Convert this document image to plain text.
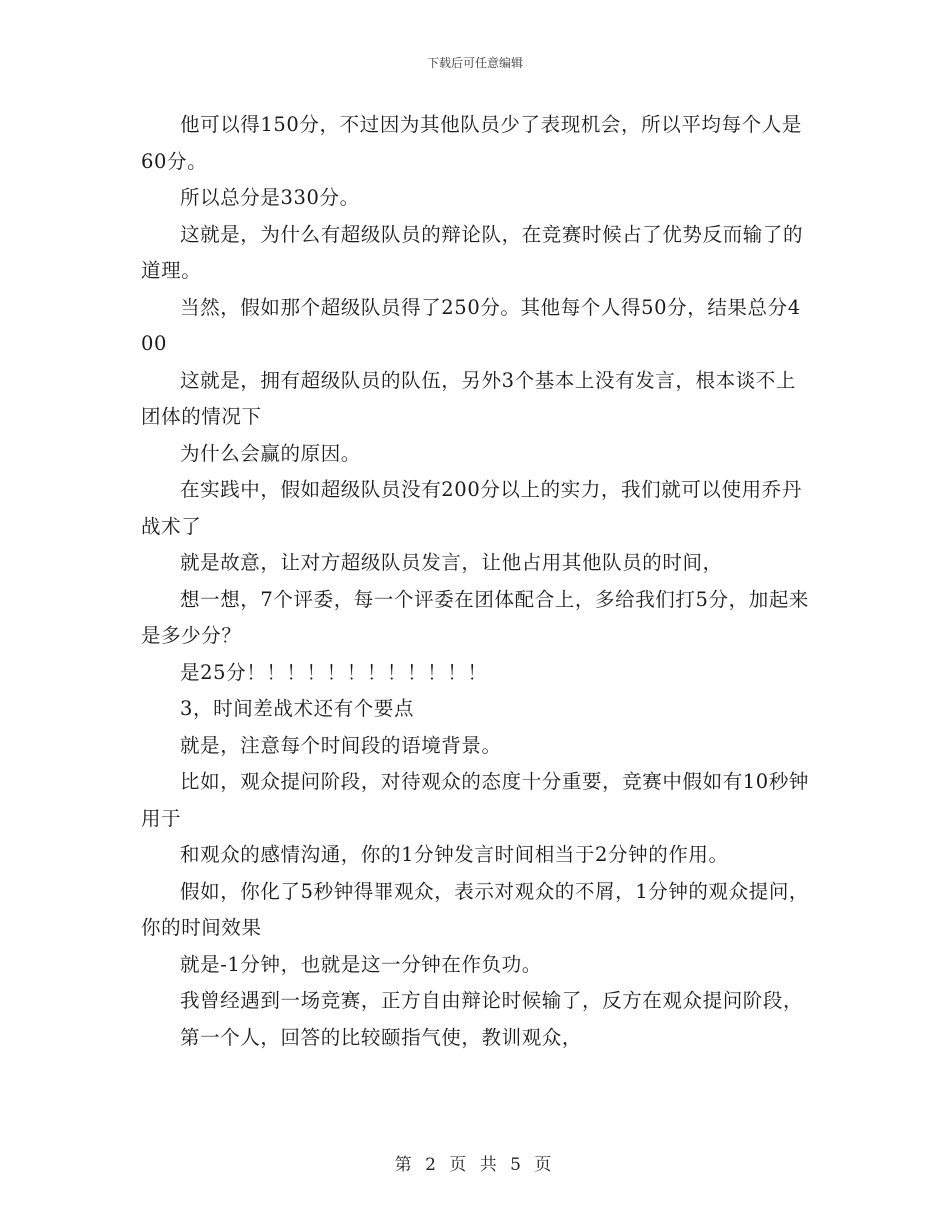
下载后可任意编辑

他可以得150分，不过因为其他队员少了表现机会，所以平均每个人是60分。

所以总分是330分。

这就是，为什么有超级队员的辩论队，在竞赛时候占了优势反而输了的道理。

当然，假如那个超级队员得了250分。其他每个人得50分，结果总分400

这就是，拥有超级队员的队伍，另外3个基本上没有发言，根本谈不上团体的情况下

为什么会赢的原因。

在实践中，假如超级队员没有200分以上的实力，我们就可以使用乔丹战术了

就是故意，让对方超级队员发言，让他占用其他队员的时间，

想一想，7个评委，每一个评委在团体配合上，多给我们打5分，加起来是多少分？

是25分！！！！！！！！！！！！

3，时间差战术还有个要点

就是，注意每个时间段的语境背景。

比如，观众提问阶段，对待观众的态度十分重要，竞赛中假如有10秒钟用于

和观众的感情沟通，你的1分钟发言时间相当于2分钟的作用。

假如，你化了5秒钟得罪观众，表示对观众的不屑，1分钟的观众提问，你的时间效果

就是-1分钟，也就是这一分钟在作负功。

我曾经遇到一场竞赛，正方自由辩论时候输了，反方在观众提问阶段，

第一个人，回答的比较颐指气使，教训观众，

第 2 页 共 5 页
